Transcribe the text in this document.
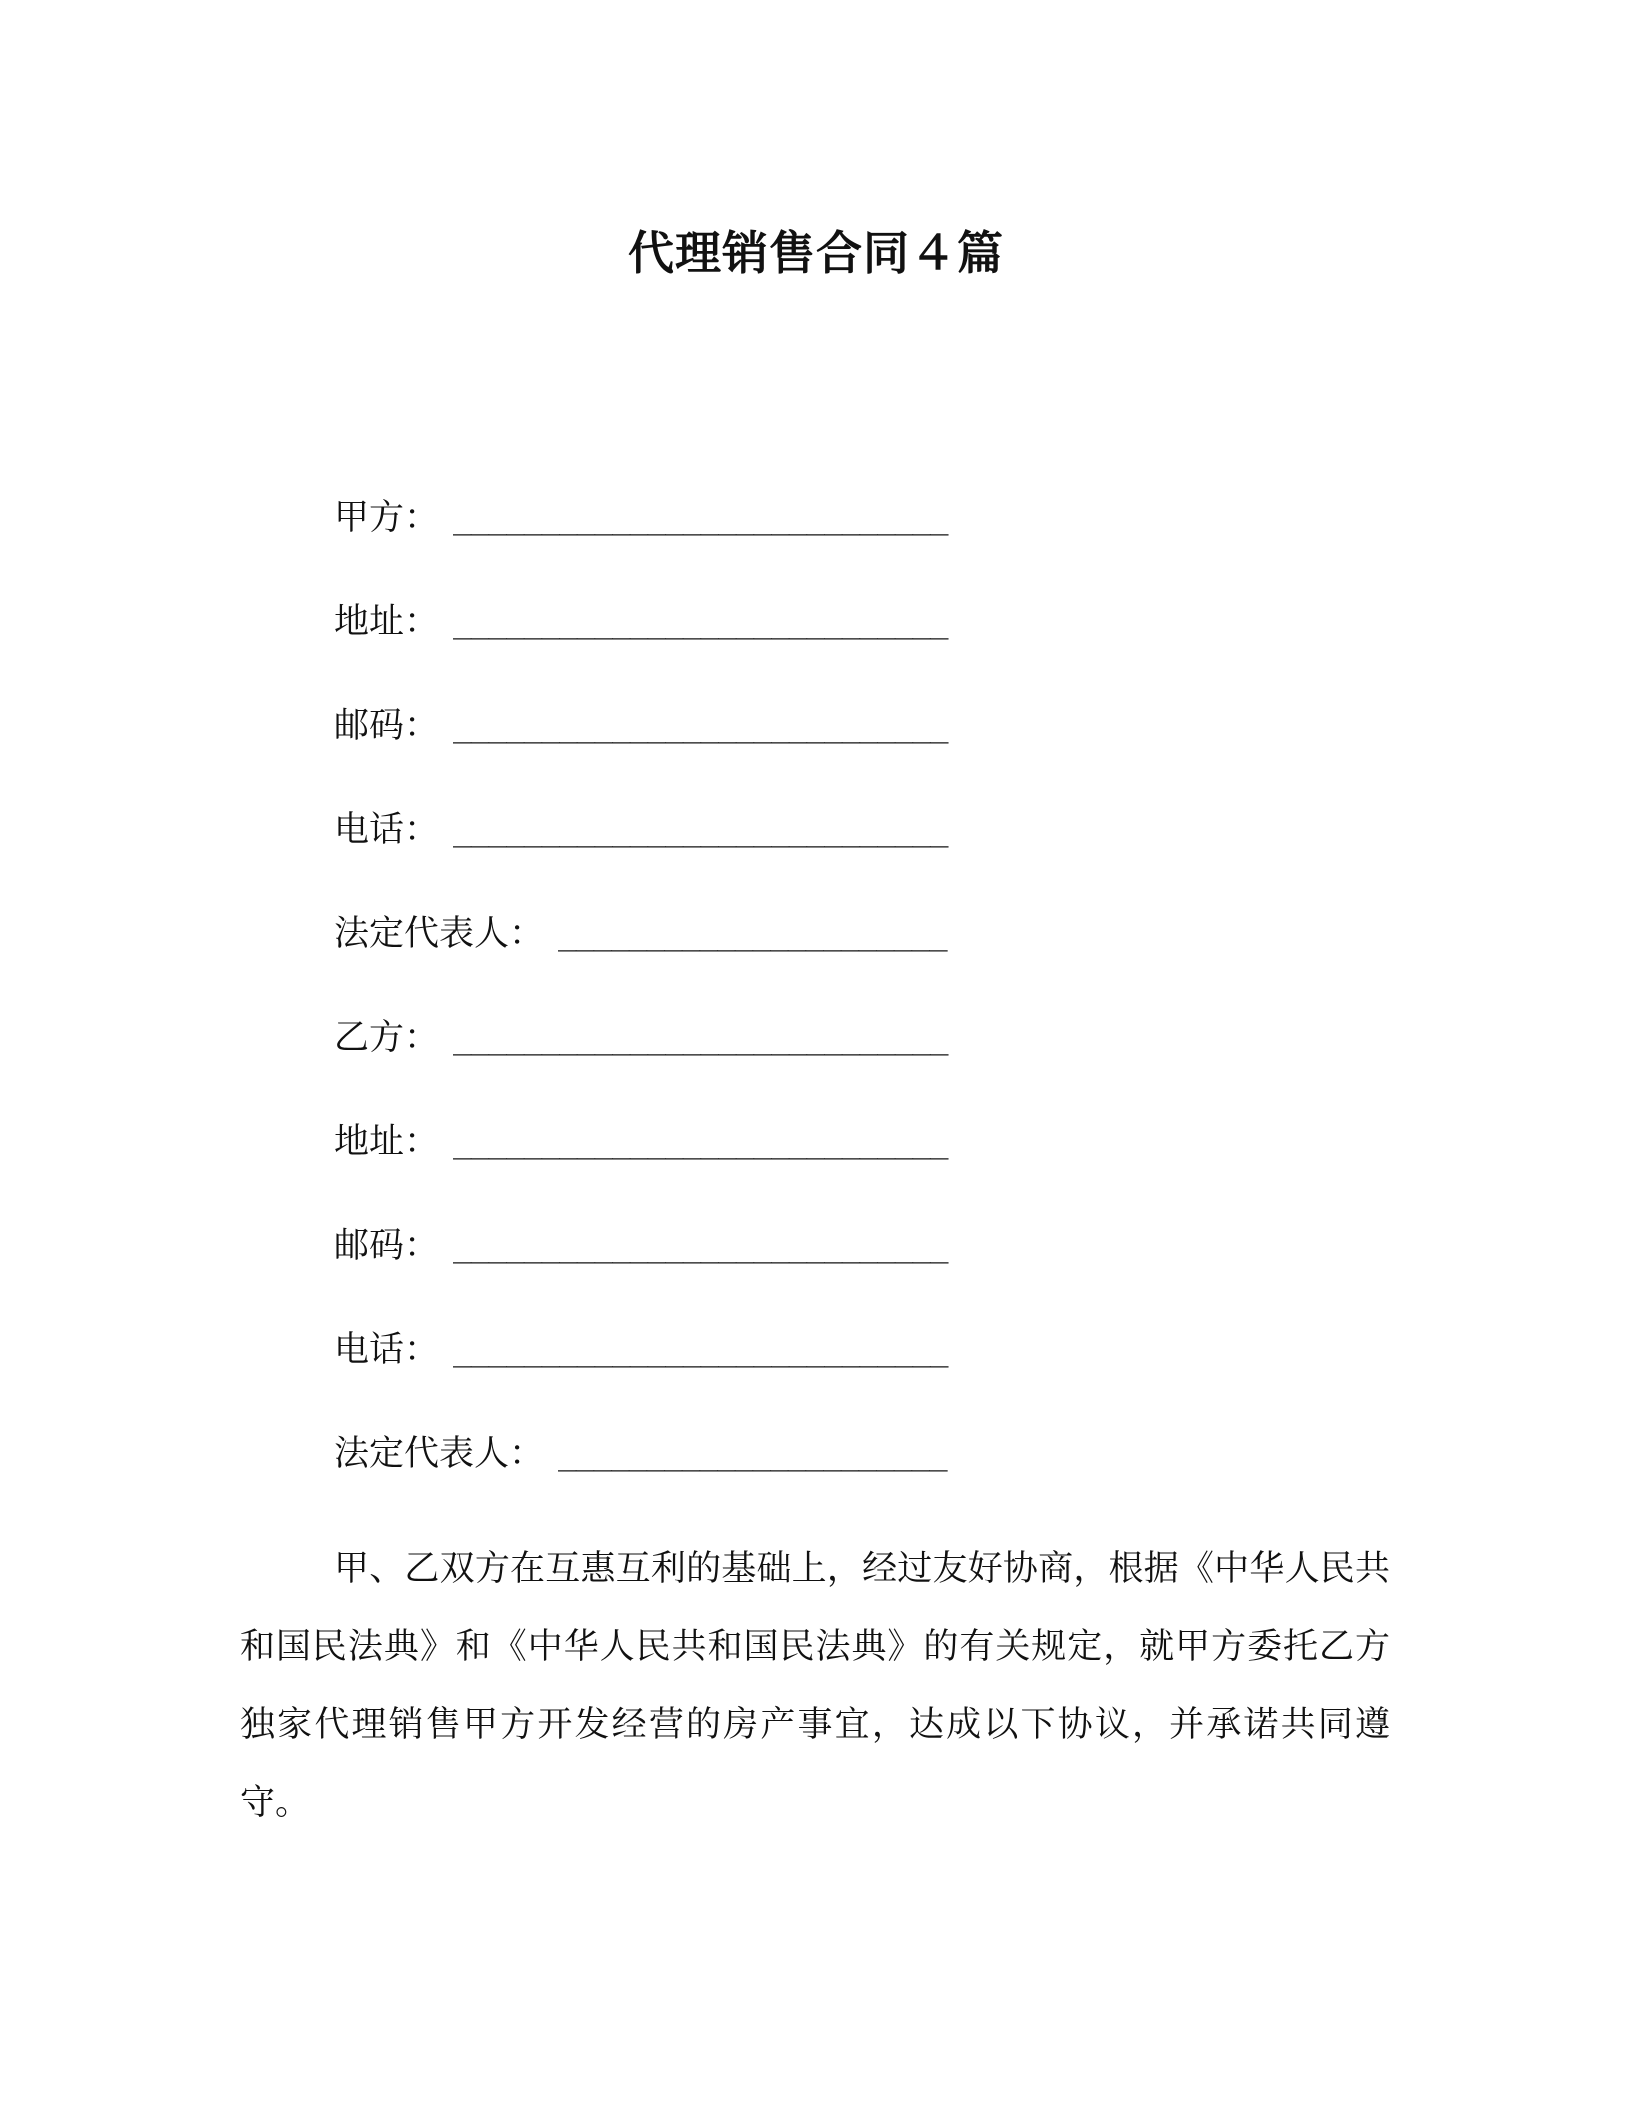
代理销售合同４篇
甲方： ____________________________
地址： ____________________________
邮码： ____________________________
电话： ____________________________
法定代表人： ______________________
乙方： ____________________________
地址： ____________________________
邮码： ____________________________
电话： ____________________________
法定代表人： ______________________

甲、乙双方在互惠互利的基础上，经过友好协商，根据《中华人民共和国民法典》和《中华人民共和国民法典》的有关规定，就甲方委托乙方独家代理销售甲方开发经营的房产事宜，达成以下协议，并承诺共同遵守。
